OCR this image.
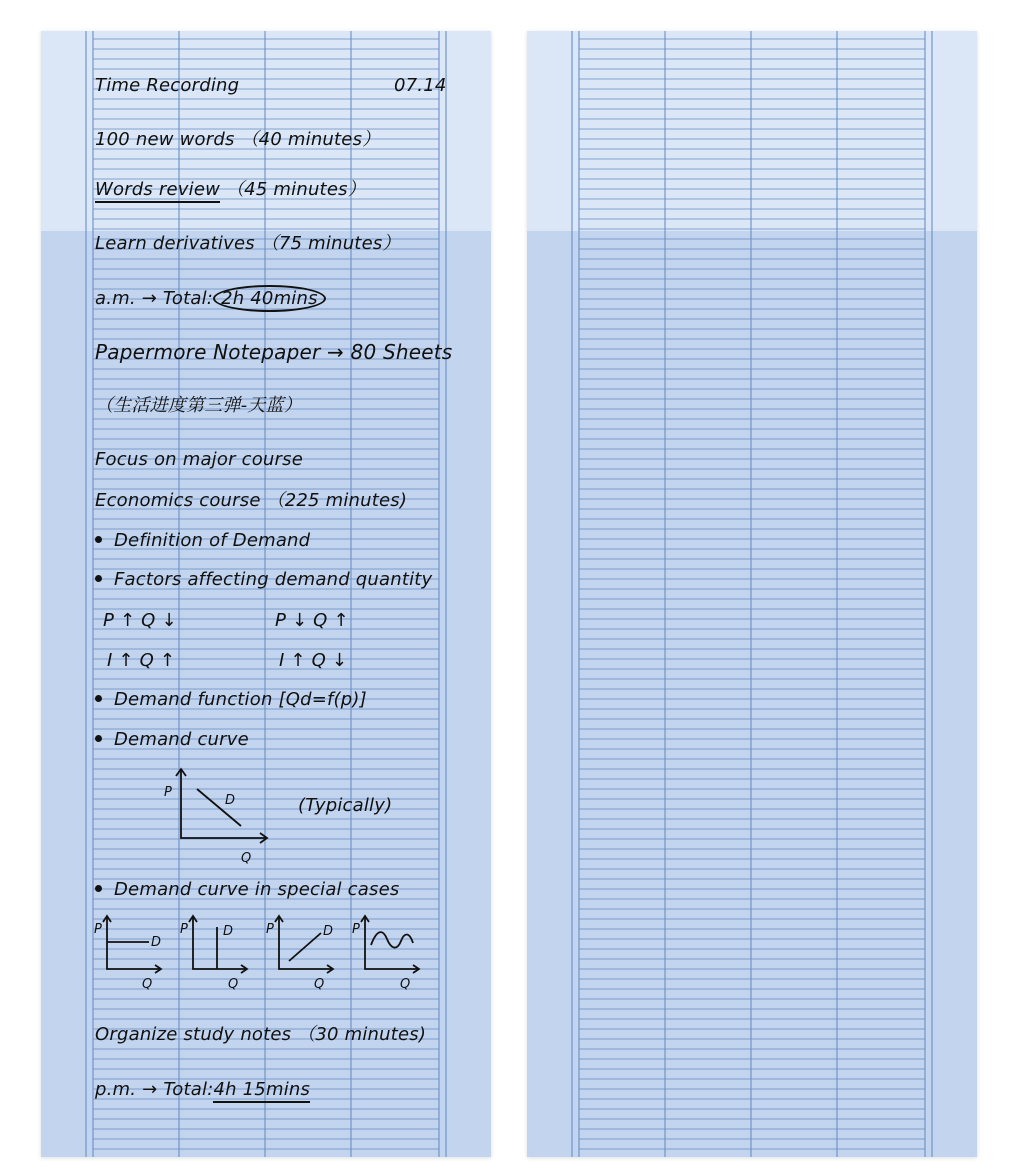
Time Recording	07.14
100 new words （40 minutes）
Words review （45 minutes）
Learn derivatives （75 minutes）
a.m. → Total: 2h 40mins
Papermore Notepaper → 80 Sheets
（生活进度第三弹-天蓝）
Focus on major course
Economics course （225 minutes)
Definition of Demand
Factors affecting demand quantity
P ↑ Q ↓	P ↓ Q ↑
I ↑ Q ↑	I ↑ Q ↓
Demand function [Qd=f(p)]
Demand curve
P
D
Q
(Typically)
Demand curve in special cases
P
D
Q
P	D
Q
P	D
Q
P
Q
Organize study notes （30 minutes)
p.m. → Total:4h 15mins
